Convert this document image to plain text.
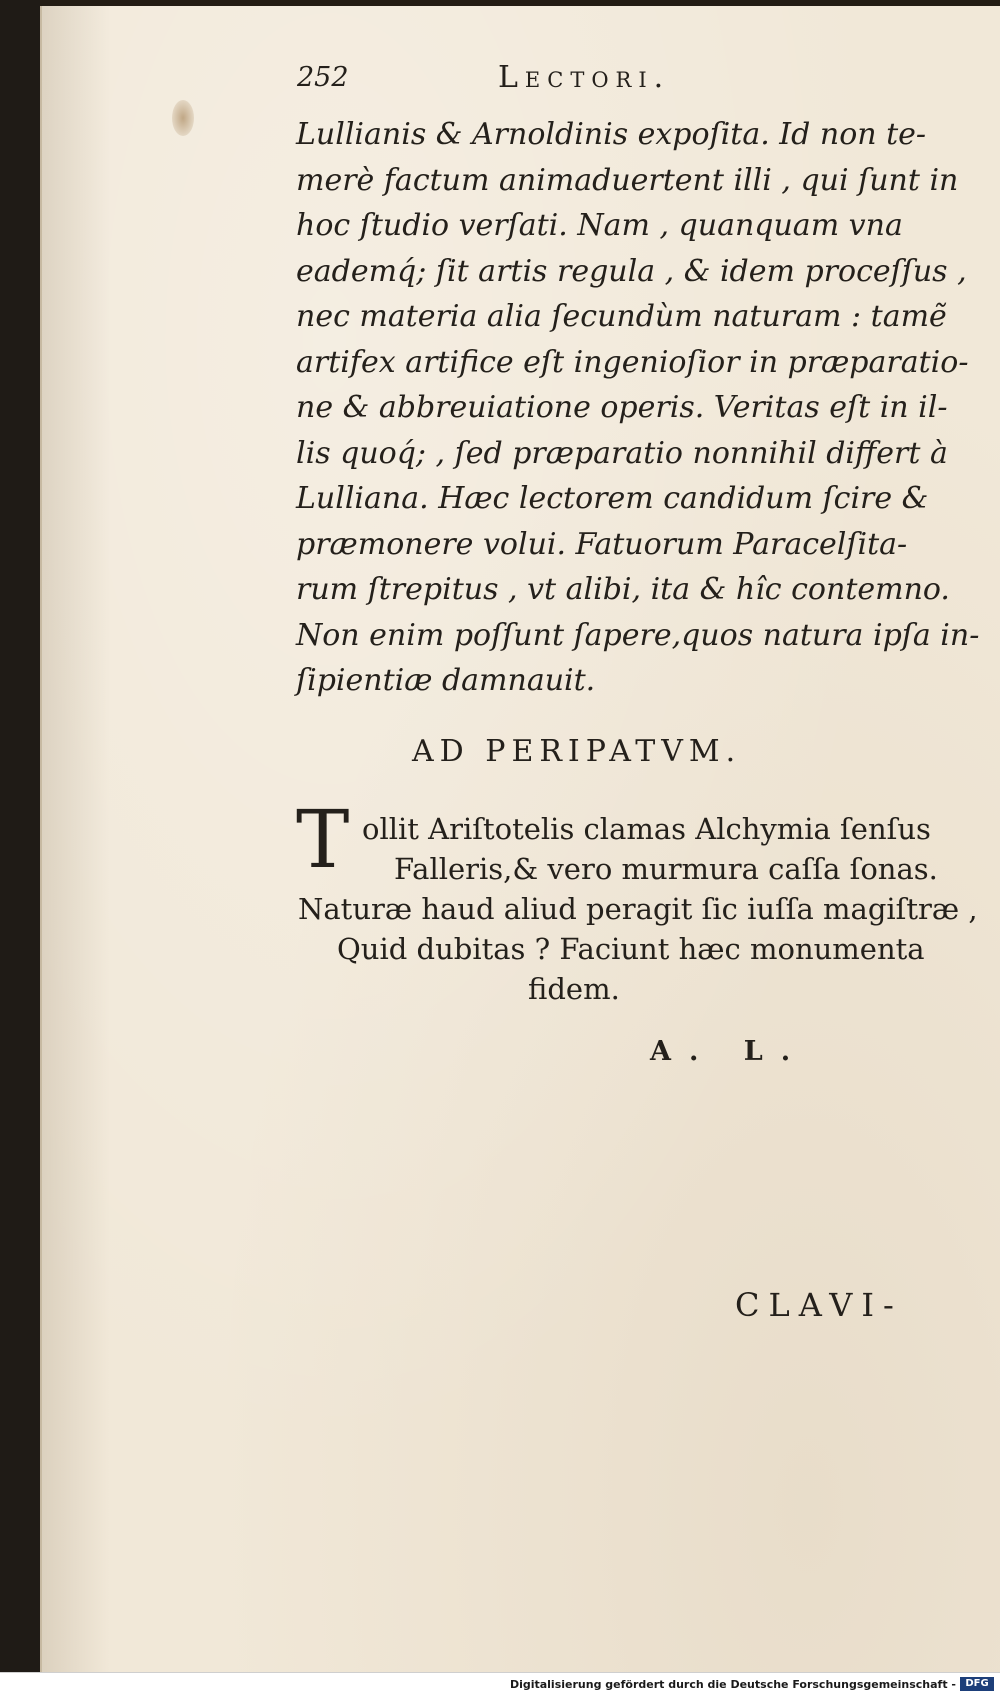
252	Lectori.
Lullianis & Arnoldinis expoſita. Id non te-
merè factum animaduertent illi , qui ſunt in
hoc ſtudio verſati. Nam , quanquam vna
eademq́; ſit artis regula , & idem proceſſus ,
nec materia alia ſecundùm naturam : tamẽ
artifex artifice eſt ingenioſior in præparatio-
ne & abbreuiatione operis. Veritas eſt in il-
lis quoq́; , ſed præparatio nonnihil differt à
Lulliana. Hæc lectorem candidum ſcire &
præmonere volui. Fatuorum Paracelſita-
rum ſtrepitus , vt alibi, ita & hîc contemno.
Non enim poſſunt ſapere,quos natura ipſa in-
ſipientiæ damnauit.
AD PERIPATVM.
T ollit Ariſtotelis clamas Alchymia ſenſus
Falleris,& vero murmura caſſa ſonas.
Naturæ haud aliud peragit ſic iuſſa magiſtræ ,
Quid dubitas ? Faciunt hæc monumenta
fidem.
A. L.
CLAVI-
Digitalisierung gefördert durch die Deutsche Forschungsgemeinschaft - DFG
